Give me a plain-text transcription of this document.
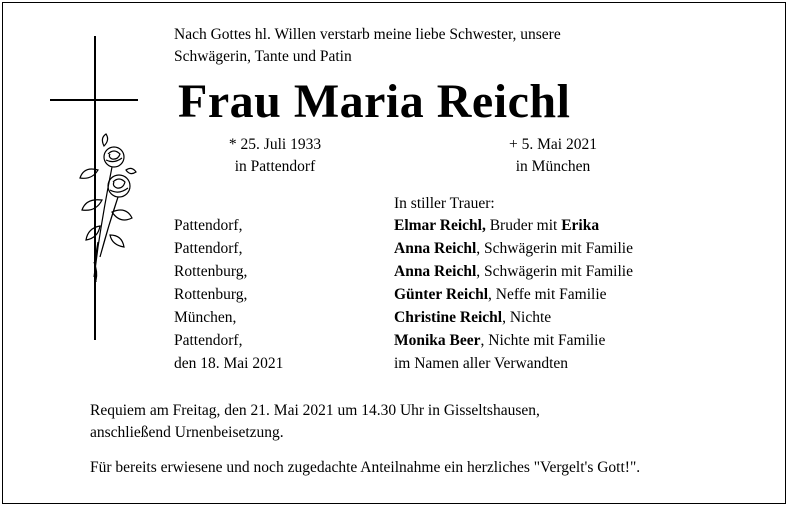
Nach Gottes hl. Willen verstarb meine liebe Schwester, unsere
Schwägerin, Tante und Patin
Frau Maria Reichl
* 25. Juli 1933
in Pattendorf
+ 5. Mai 2021
in München
In stiller Trauer:
Pattendorf,	Elmar Reichl, Bruder mit Erika
Pattendorf,	Anna Reichl, Schwägerin mit Familie
Rottenburg,	Anna Reichl, Schwägerin mit Familie
Rottenburg,	Günter Reichl, Neffe mit Familie
München,	Christine Reichl, Nichte
Pattendorf,	Monika Beer, Nichte mit Familie
den 18. Mai 2021	im Namen aller Verwandten
Requiem am Freitag, den 21. Mai 2021 um 14.30 Uhr in Gisseltshausen,
anschließend Urnenbeisetzung.
Für bereits erwiesene und noch zugedachte Anteilnahme ein herzliches "Vergelt's Gott!".
